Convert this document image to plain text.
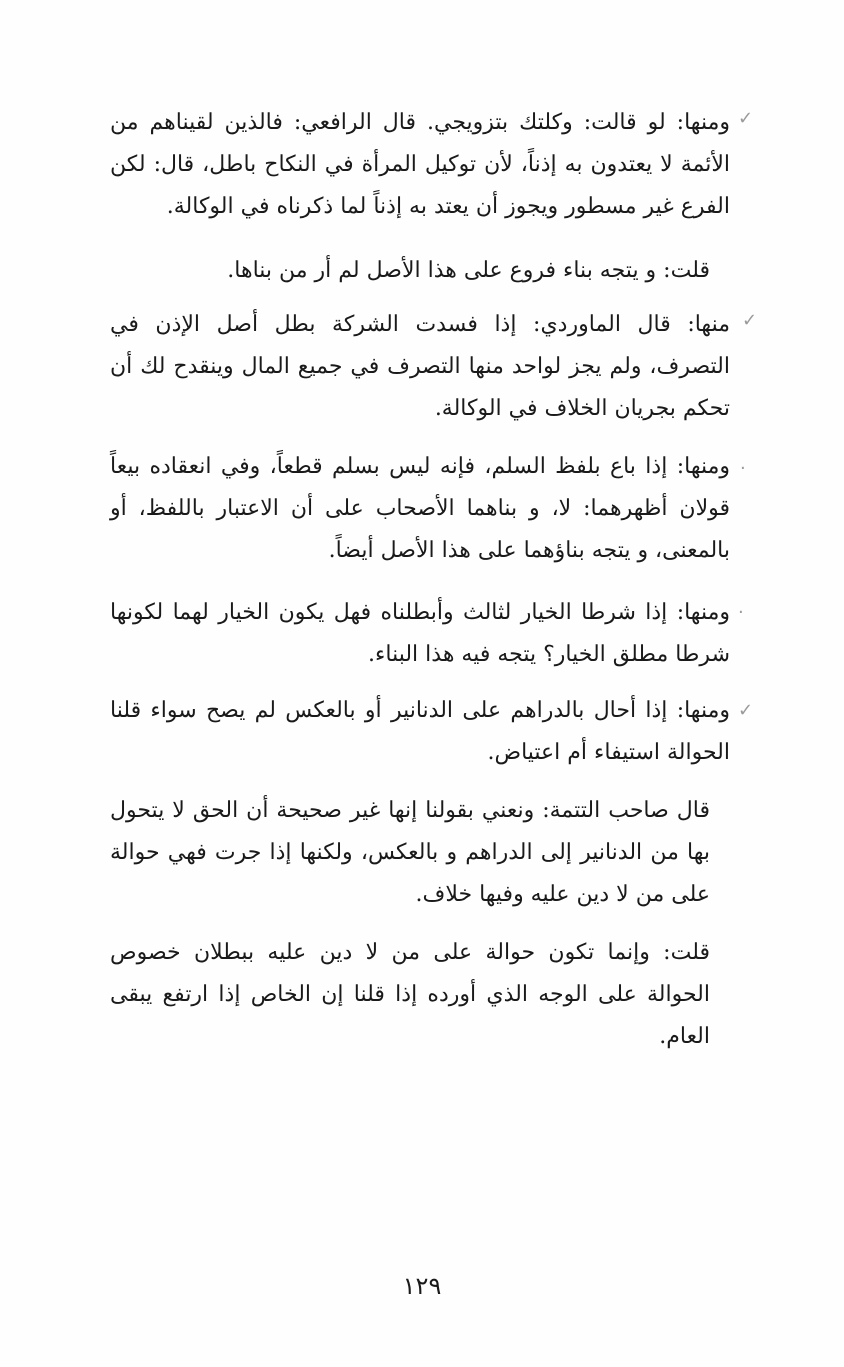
✓

ومنها: لو قالت: وكلتك بتزويجي. قال الرافعي: فالذين لقيناهم من الأئمة لا يعتدون به إذناً، لأن توكيل المرأة في النكاح باطل، قال: لكن الفرع غير مسطور ويجوز أن يعتد به إذناً لما ذكرناه في الوكالة.

قلت: و يتجه بناء فروع على هذا الأصل لم أر من بناها.

✓

منها: قال الماوردي: إذا فسدت الشركة بطل أصل الإذن في التصرف، ولم يجز لواحد منها التصرف في جميع المال وينقدح لك أن تحكم بجريان الخلاف في الوكالة.

·

ومنها: إذا باع بلفظ السلم، فإنه ليس بسلم قطعاً، وفي انعقاده بيعاً قولان أظهرهما: لا، و بناهما الأصحاب على أن الاعتبار باللفظ، أو بالمعنى، و يتجه بناؤهما على هذا الأصل أيضاً.

·

ومنها: إذا شرطا الخيار لثالث وأبطلناه فهل يكون الخيار لهما لكونها شرطا مطلق الخيار؟ يتجه فيه هذا البناء.

✓

ومنها: إذا أحال بالدراهم على الدنانير أو بالعكس لم يصح سواء قلنا الحوالة استيفاء أم اعتياض.

قال صاحب التتمة: ونعني بقولنا إنها غير صحيحة أن الحق لا يتحول بها من الدنانير إلى الدراهم و بالعكس، ولكنها إذا جرت فهي حوالة على من لا دين عليه وفيها خلاف.

قلت: وإنما تكون حوالة على من لا دين عليه ببطلان خصوص الحوالة على الوجه الذي أورده إذا قلنا إن الخاص إذا ارتفع يبقى العام.

١٢٩
